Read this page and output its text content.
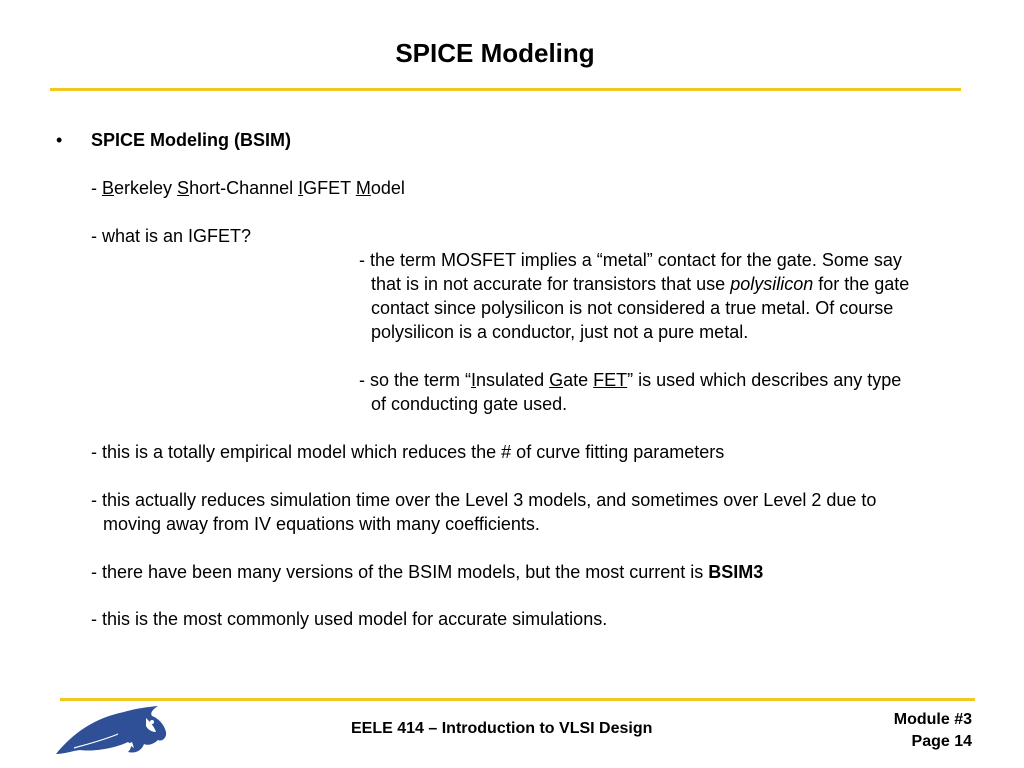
SPICE Modeling
• SPICE Modeling (BSIM)
- Berkeley Short-Channel IGFET Model
- what is an IGFET?
- the term MOSFET implies a “metal” contact for the gate. Some say
that is in not accurate for transistors that use polysilicon for the gate
contact since polysilicon is not considered a true metal. Of course
polysilicon is a conductor, just not a pure metal.
- so the term “Insulated Gate FET” is used which describes any type
of conducting gate used.
- this is a totally empirical model which reduces the # of curve fitting parameters
- this actually reduces simulation time over the Level 3 models, and sometimes over Level 2 due to
moving away from IV equations with many coefficients.
- there have been many versions of the BSIM models, but the most current is BSIM3
- this is the most commonly used model for accurate simulations.
EELE 414 – Introduction to VLSI Design
Module #3
Page 14
